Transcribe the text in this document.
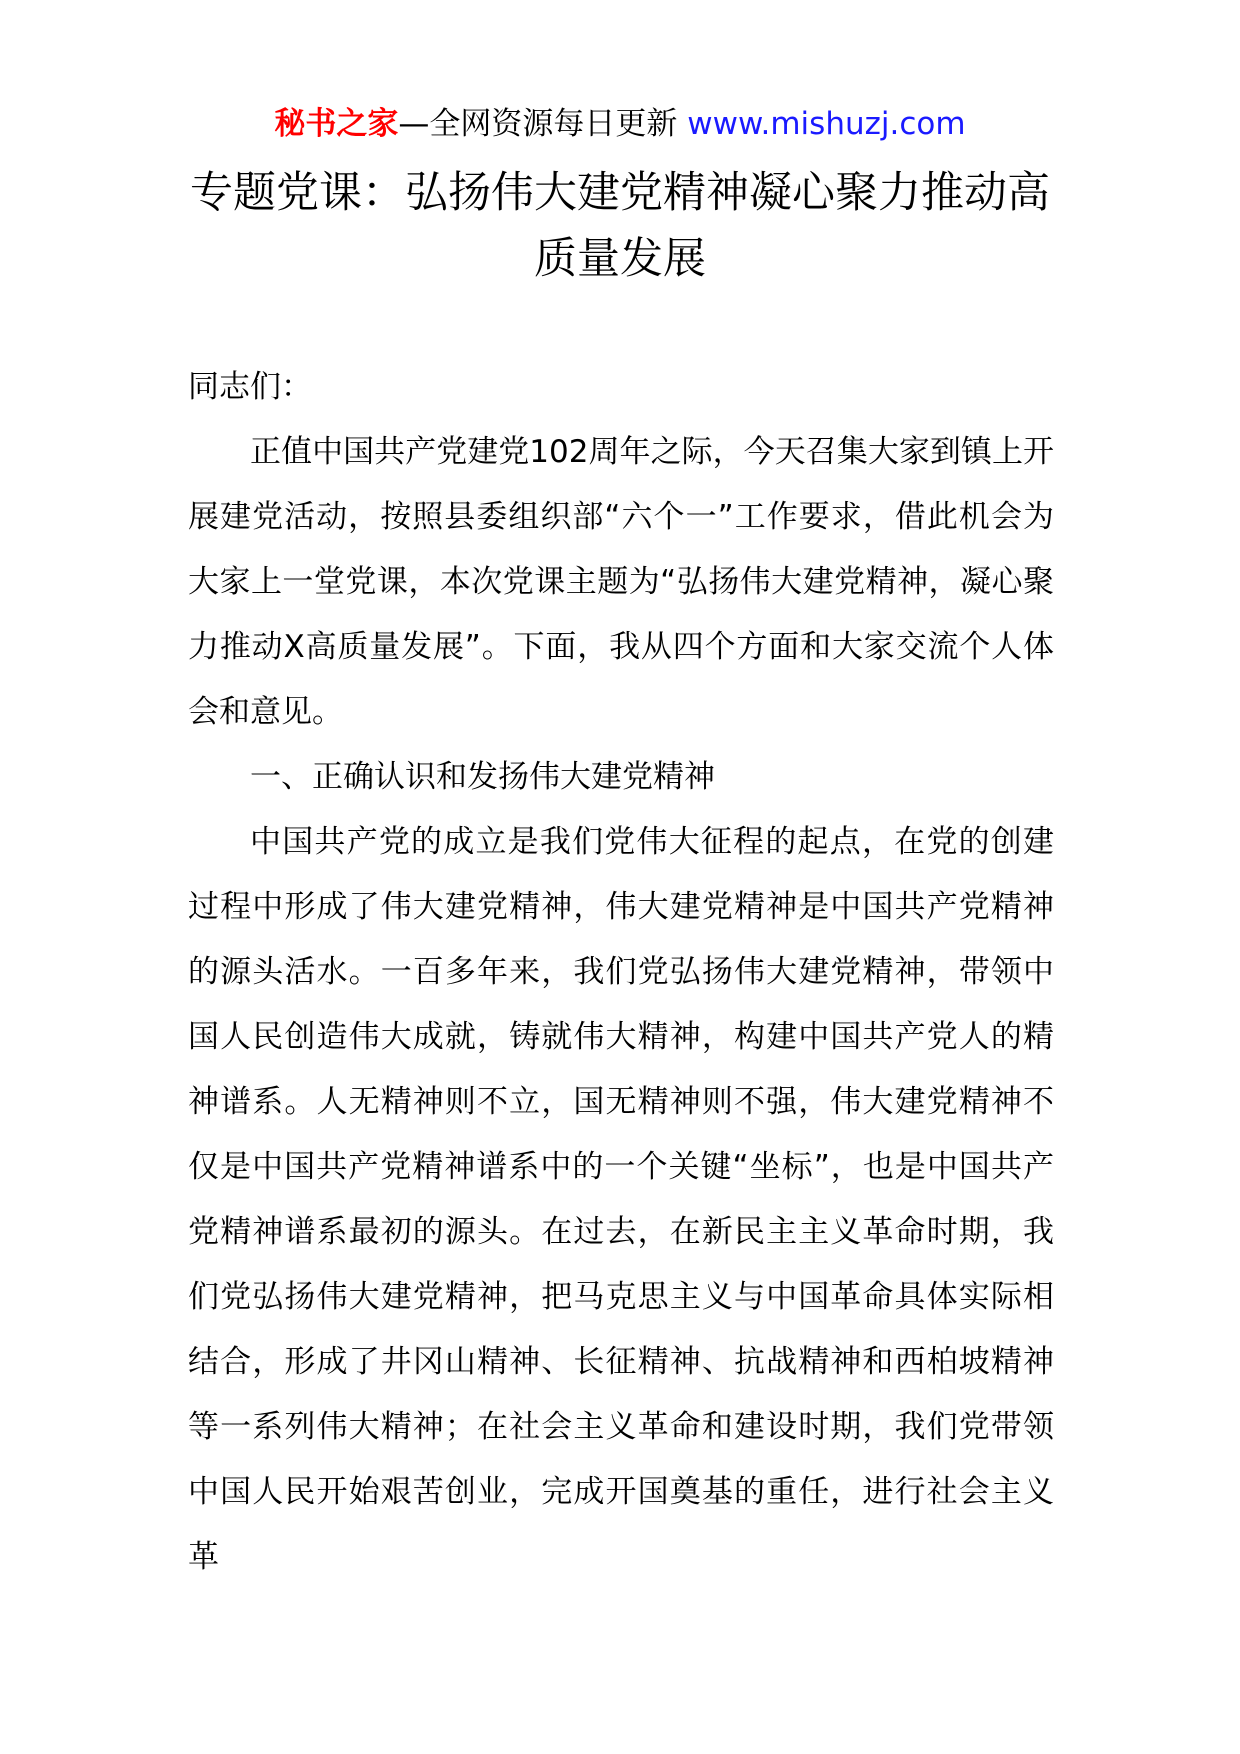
秘书之家—全网资源每日更新 www.mishuzj.com
专题党课：弘扬伟大建党精神凝心聚力推动高质量发展

同志们：

正值中国共产党建党102周年之际，今天召集大家到镇上开展建党活动，按照县委组织部“六个一”工作要求，借此机会为大家上一堂党课，本次党课主题为“弘扬伟大建党精神，凝心聚力推动X高质量发展”。下面，我从四个方面和大家交流个人体会和意见。

一、正确认识和发扬伟大建党精神

中国共产党的成立是我们党伟大征程的起点，在党的创建过程中形成了伟大建党精神，伟大建党精神是中国共产党精神的源头活水。一百多年来，我们党弘扬伟大建党精神，带领中国人民创造伟大成就，铸就伟大精神，构建中国共产党人的精神谱系。人无精神则不立，国无精神则不强，伟大建党精神不仅是中国共产党精神谱系中的一个关键“坐标”，也是中国共产党精神谱系最初的源头。在过去，在新民主主义革命时期，我们党弘扬伟大建党精神，把马克思主义与中国革命具体实际相结合，形成了井冈山精神、长征精神、抗战精神和西柏坡精神等一系列伟大精神；在社会主义革命和建设时期，我们党带领中国人民开始艰苦创业，完成开国奠基的重任，进行社会主义革
